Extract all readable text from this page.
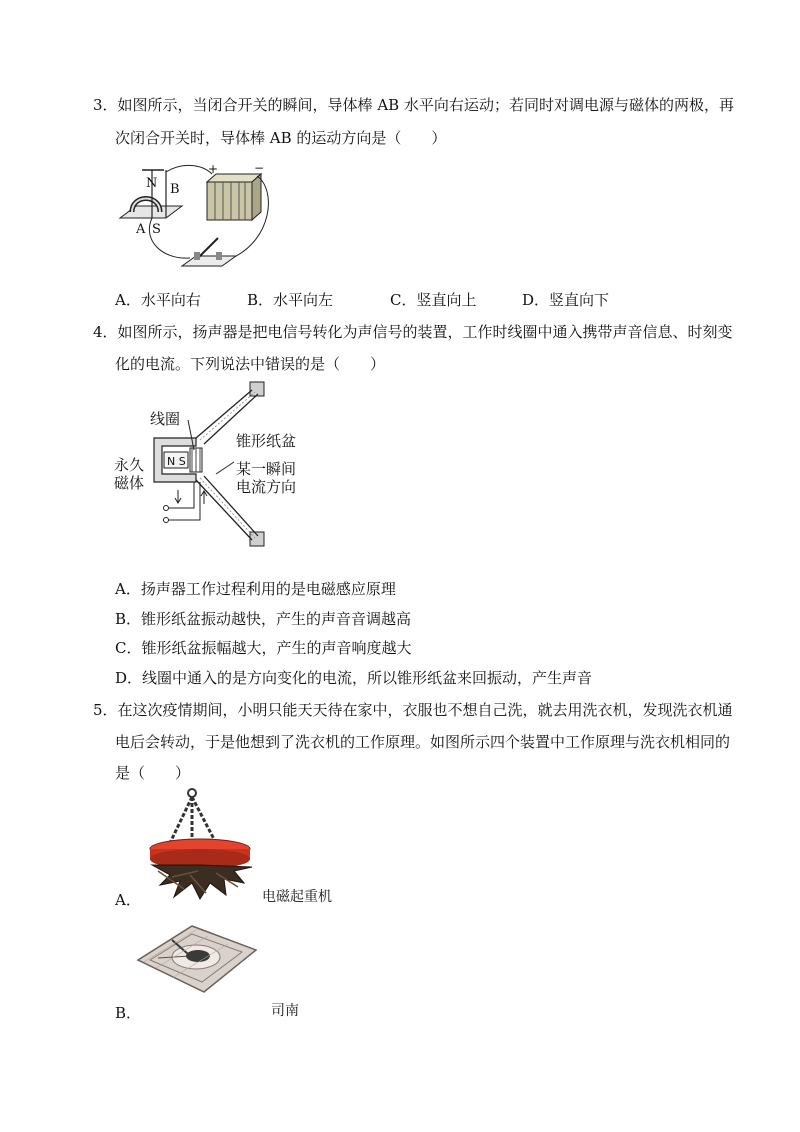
3．如图所示，当闭合开关的瞬间，导体棒 AB 水平向右运动；若同时对调电源与磁体的两极，再
次闭合开关时，导体棒 AB 的运动方向是（　　）
N B
A S
+	−
A．水平向右	B．水平向左	C．竖直向上	D．竖直向下
4．如图所示，扬声器是把电信号转化为声信号的装置，工作时线圈中通入携带声音信息、时刻变
化的电流。下列说法中错误的是（　　）
线圈
锥形纸盆
永久
磁体
N S	某一瞬间
电流方向
A．扬声器工作过程利用的是电磁感应原理
B．锥形纸盆振动越快，产生的声音音调越高
C．锥形纸盆振幅越大，产生的声音响度越大
D．线圈中通入的是方向变化的电流，所以锥形纸盆来回振动，产生声音
5．在这次疫情期间，小明只能天天待在家中，衣服也不想自己洗，就去用洗衣机，发现洗衣机通
电后会转动，于是他想到了洗衣机的工作原理。如图所示四个装置中工作原理与洗衣机相同的
是（　　）
A．	电磁起重机
B．	司南
